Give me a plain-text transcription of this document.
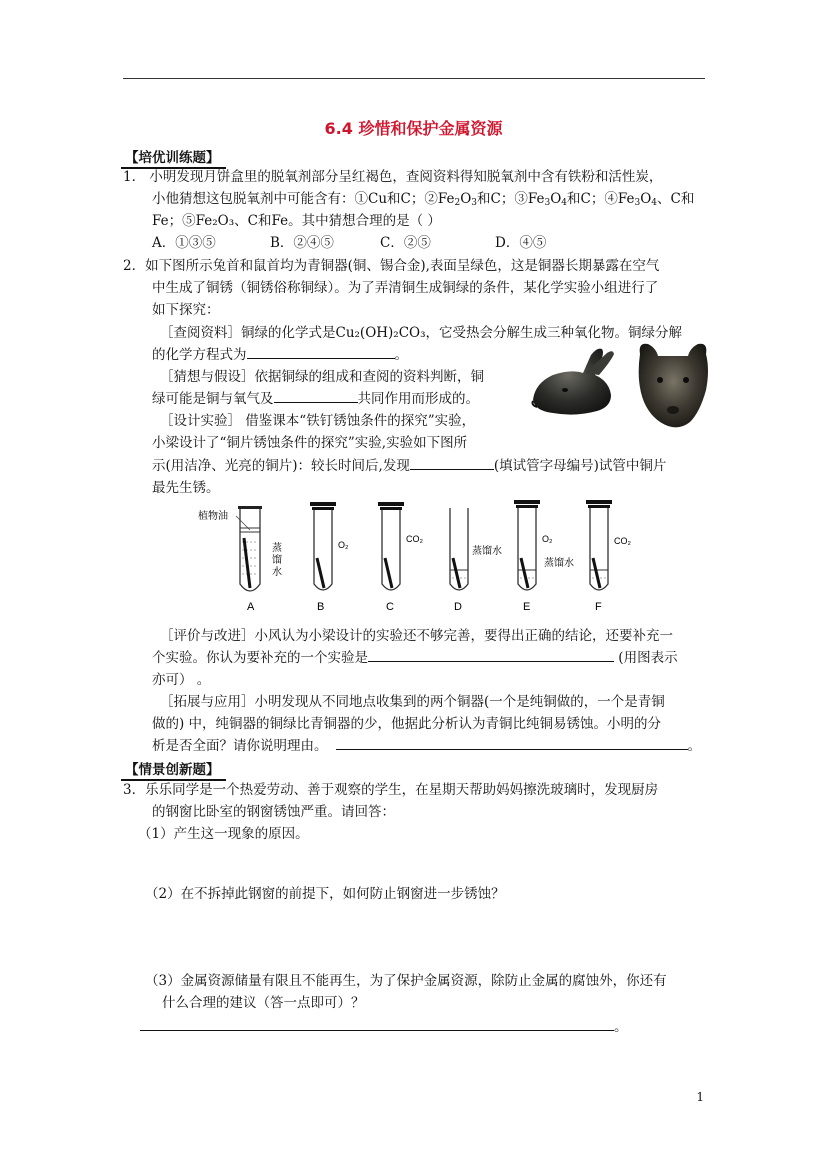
6.4 珍惜和保护金属资源
【培优训练题】
1． 小明发现月饼盒里的脱氧剂部分呈红褐色，查阅资料得知脱氧剂中含有铁粉和活性炭，
小他猜想这包脱氧剂中可能含有：①Cu和C；$②Fe_2O_3$和C；$③Fe_3O_4$和C；$④Fe_3O_4$、C和
Fe；⑤Fe₂O₃、C和Fe。其中猜想合理的是（ ）
A．①③⑤	B．②④⑤	C．②⑤	D．④⑤
2．如下图所示兔首和鼠首均为青铜器(铜、锡合金),表面呈绿色，这是铜器长期暴露在空气
中生成了铜锈（铜锈俗称铜绿）。为了弄清铜生成铜绿的条件，某化学实验小组进行了
如下探究：
［查阅资料］铜绿的化学式是Cu₂(OH)₂CO₃，它受热会分解生成三种氧化物。铜绿分解
的化学方程式为	。
［猜想与假设］依据铜绿的组成和查阅的资料判断，铜
绿可能是铜与氧气及	共同作用而形成的。
［设计实验］ 借鉴课本“铁钉锈蚀条件的探究”实验，
小梁设计了“铜片锈蚀条件的探究”实验,实验如下图所
示(用洁净、光亮的铜片)：较长时间后,发现	(填试管字母编号)试管中铜片
最先生锈。
植物油
蒸
馏
水
O₂
CO₂
蒸馏水
O₂
蒸馏水
CO₂
A	B	C	D	E	F
［评价与改进］小风认为小梁设计的实验还不够完善，要得出正确的结论，还要补充一
个实验。你认为要补充的一个实验是	(用图表示
亦可） 。
［拓展与应用］小明发现从不同地点收集到的两个铜器(一个是纯铜做的，一个是青铜
做的) 中，纯铜器的铜绿比青铜器的少，他据此分析认为青铜比纯铜易锈蚀。小明的分
析是否全面？请你说明理由。	。
【情景创新题】
3．乐乐同学是一个热爱劳动、善于观察的学生，在星期天帮助妈妈擦洗玻璃时，发现厨房
的钢窗比卧室的钢窗锈蚀严重。请回答：
（1）产生这一现象的原因。
（2）在不拆掉此钢窗的前提下，如何防止钢窗进一步锈蚀？
（3）金属资源储量有限且不能再生，为了保护金属资源，除防止金属的腐蚀外，你还有
什么合理的建议（答一点即可）？
。
1
